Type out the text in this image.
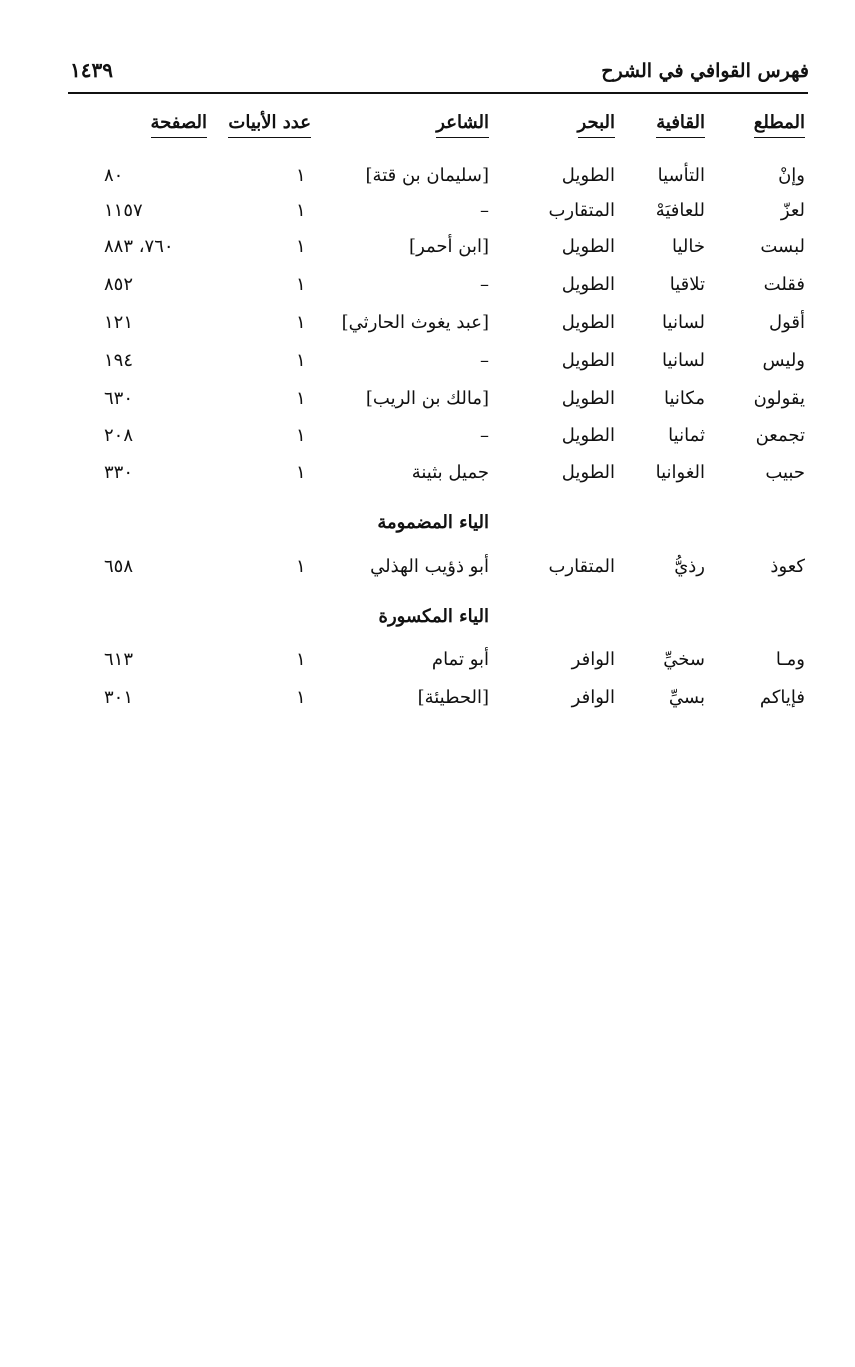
فهرس القوافي في الشرح
١٤٣٩
المطلع
القافية
البحر
الشاعر
عدد الأبيات
الصفحة
وإنْ
التأسيا
الطويل
[سليمان بن قتة]
١
٨٠
لعزّ
للعافيَهْ
المتقارب
–
١
١١٥٧
لبست
خاليا
الطويل
[ابن أحمر]
١
٧٦٠، ٨٨٣
فقلت
تلاقيا
الطويل
–
١
٨٥٢
أقول
لسانيا
الطويل
[عبد يغوث الحارثي]
١
١٢١
وليس
لسانيا
الطويل
–
١
١٩٤
يقولون
مكانيا
الطويل
[مالك بن الريب]
١
٦٣٠
تجمعن
ثمانيا
الطويل
–
١
٢٠٨
حبيب
الغوانيا
الطويل
جميل بثينة
١
٣٣٠
الياء المضمومة
كعوذ
رذيُّ
المتقارب
أبو ذؤيب الهذلي
١
٦٥٨
الياء المكسورة
ومـا
سخيِّ
الوافر
أبو تمام
١
٦١٣
فإياكم
بسيِّ
الوافر
[الحطيئة]
١
٣٠١
